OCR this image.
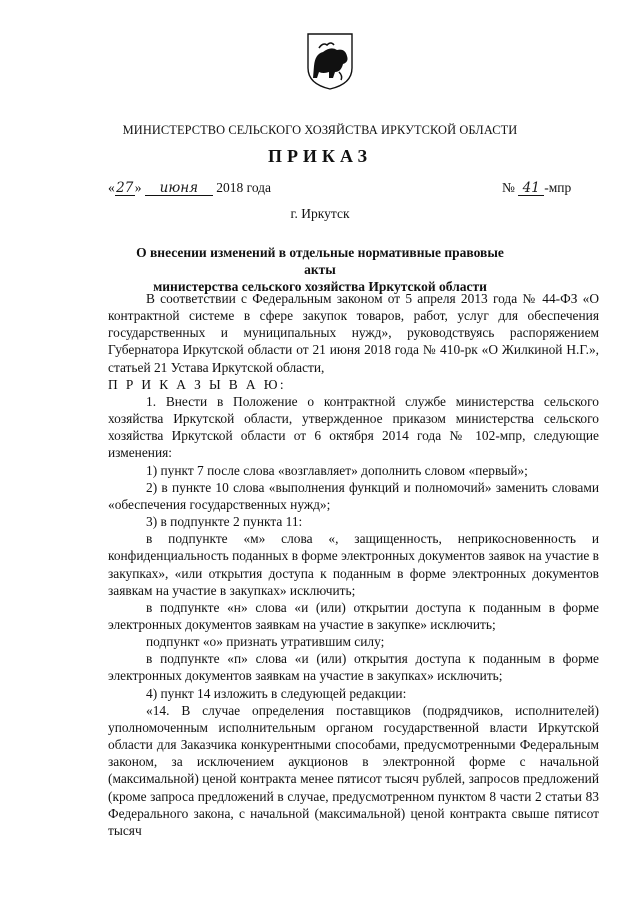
МИНИСТЕРСТВО СЕЛЬСКОГО ХОЗЯЙСТВА ИРКУТСКОЙ ОБЛАСТИ
ПРИКАЗ
«27» июня 2018 года	№ 41 -мпр
г. Иркутск
О внесении изменений в отдельные нормативные правовые акты
министерства сельского хозяйства Иркутской области

В соответствии с Федеральным законом от 5 апреля 2013 года № 44-ФЗ «О контрактной системе в сфере закупок товаров, работ, услуг для обеспечения государственных и муниципальных нужд», руководствуясь распоряжением Губернатора Иркутской области от 21 июня 2018 года № 410-рк «О Жилкиной Н.Г.», статьей 21 Устава Иркутской области,

П Р И К А З Ы В А Ю:

1. Внести в Положение о контрактной службе министерства сельского хозяйства Иркутской области, утвержденное приказом министерства сельского хозяйства Иркутской области от 6 октября 2014 года № 102-мпр, следующие изменения:

1) пункт 7 после слова «возглавляет» дополнить словом «первый»;

2) в пункте 10 слова «выполнения функций и полномочий» заменить словами «обеспечения государственных нужд»;

3) в подпункте 2 пункта 11:

в подпункте «м» слова «, защищенность, неприкосновенность и конфиденциальность поданных в форме электронных документов заявок на участие в закупках», «или открытия доступа к поданным в форме электронных документов заявкам на участие в закупках» исключить;

в подпункте «н» слова «и (или) открытии доступа к поданным в форме электронных документов заявкам на участие в закупке» исключить;

подпункт «о» признать утратившим силу;

в подпункте «п» слова «и (или) открытия доступа к поданным в форме электронных документов заявкам на участие в закупках» исключить;

4) пункт 14 изложить в следующей редакции:

«14. В случае определения поставщиков (подрядчиков, исполнителей) уполномоченным исполнительным органом государственной власти Иркутской области для Заказчика конкурентными способами, предусмотренными Федеральным законом, за исключением аукционов в электронной форме с начальной (максимальной) ценой контракта менее пятисот тысяч рублей, запросов предложений (кроме запроса предложений в случае, предусмотренном пунктом 8 части 2 статьи 83 Федерального закона, с начальной (максимальной) ценой контракта свыше пятисот тысяч
